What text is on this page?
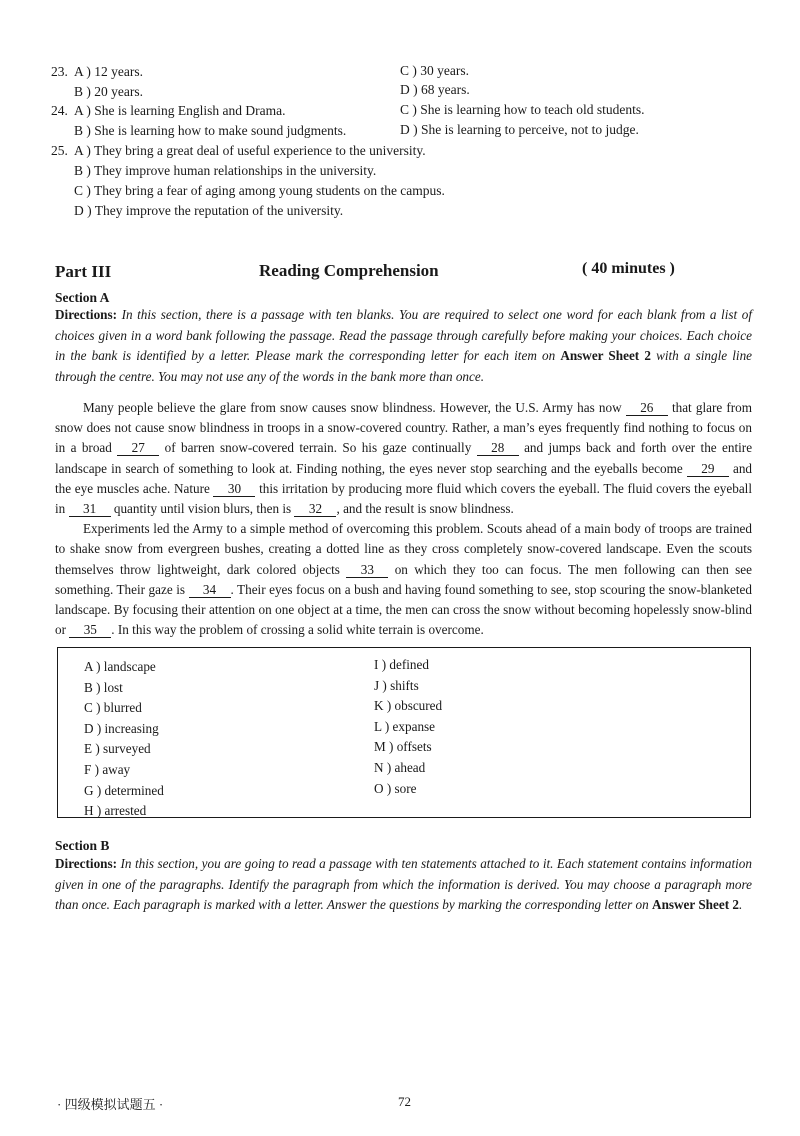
23. A ) 12 years.	C ) 30 years.
B ) 20 years.	D ) 68 years.
24. A ) She is learning English and Drama.	C ) She is learning how to teach old students.
B ) She is learning how to make sound judgments.	D ) She is learning to perceive, not to judge.
25. A ) They bring a great deal of useful experience to the university.
B ) They improve human relationships in the university.
C ) They bring a fear of aging among young students on the campus.
D ) They improve the reputation of the university.
Part III	Reading Comprehension	( 40 minutes )
Section A
Directions: In this section, there is a passage with ten blanks. You are required to select one word for each blank from a list of choices given in a word bank following the passage. Read the passage through carefully before making your choices. Each choice in the bank is identified by a letter. Please mark the corresponding letter for each item on Answer Sheet 2 with a single line through the centre. You may not use any of the words in the bank more than once.

Many people believe the glare from snow causes snow blindness. However, the U.S. Army has now 26 that glare from snow does not cause snow blindness in troops in a snow-covered country. Rather, a man’s eyes frequently find nothing to focus on in a broad 27 of barren snow-covered terrain. So his gaze continually 28 and jumps back and forth over the entire landscape in search of something to look at. Finding nothing, the eyes never stop searching and the eyeballs become 29 and the eye muscles ache. Nature 30 this irritation by producing more fluid which covers the eyeball. The fluid covers the eyeball in 31 quantity until vision blurs, then is 32 , and the result is snow blindness.

Experiments led the Army to a simple method of overcoming this problem. Scouts ahead of a main body of troops are trained to shake snow from evergreen bushes, creating a dotted line as they cross completely snow-covered landscape. Even the scouts themselves throw lightweight, dark colored objects 33 on which they too can focus. The men following can then see something. Their gaze is 34 . Their eyes focus on a bush and having found something to see, stop scouring the snow-blanketed landscape. By focusing their attention on one object at a time, the men can cross the snow without becoming hopelessly snow-blind or 35 . In this way the problem of crossing a solid white terrain is overcome.

A ) landscape
B ) lost
C ) blurred
D ) increasing
E ) surveyed
F ) away
G ) determined
H ) arrested
I ) defined
J ) shifts
K ) obscured
L ) expanse
M ) offsets
N ) ahead
O ) sore
Section B
Directions: In this section, you are going to read a passage with ten statements attached to it. Each statement contains information given in one of the paragraphs. Identify the paragraph from which the information is derived. You may choose a paragraph more than once. Each paragraph is marked with a letter. Answer the questions by marking the corresponding letter on Answer Sheet 2.
· 四级模拟试题五 ·	72
